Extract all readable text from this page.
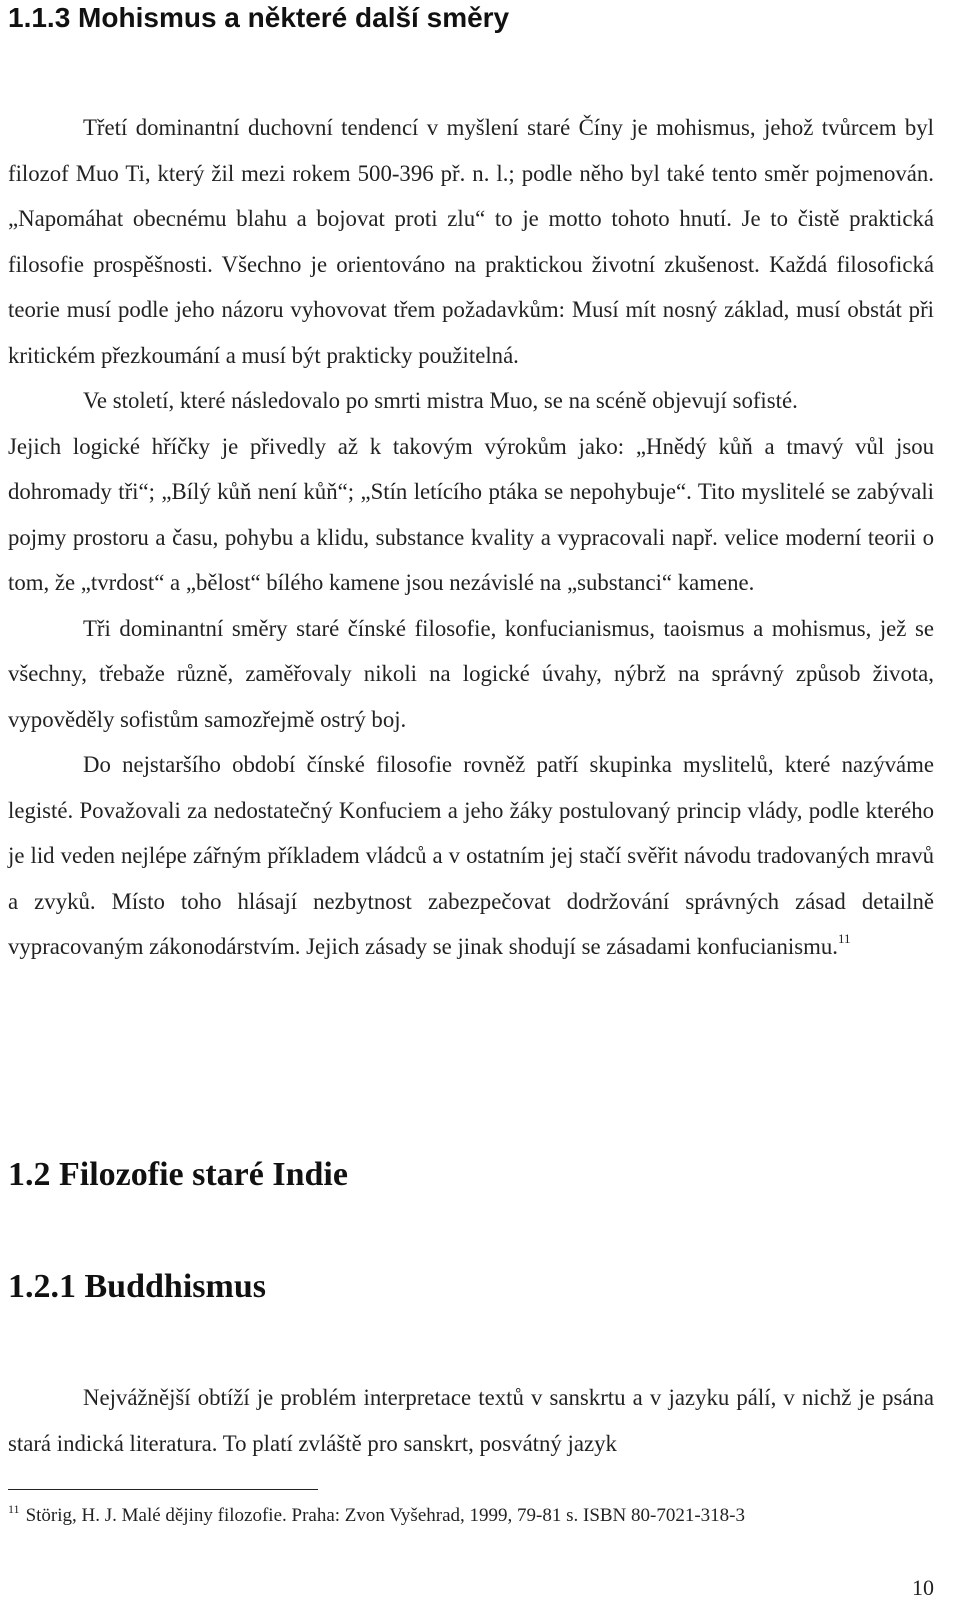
1.1.3 Mohismus a některé další směry

Třetí dominantní duchovní tendencí v myšlení staré Číny je mohismus, jehož tvůrcem byl filozof Muo Ti, který žil mezi rokem 500-396 př. n. l.; podle něho byl také tento směr pojmenován. „Napomáhat obecnému blahu a bojovat proti zlu“ to je motto tohoto hnutí. Je to čistě praktická filosofie prospěšnosti. Všechno je orientováno na praktickou životní zkušenost. Každá filosofická teorie musí podle jeho názoru vyhovovat třem požadavkům: Musí mít nosný základ, musí obstát při kritickém přezkoumání a musí být prakticky použitelná.

Ve století, které následovalo po smrti mistra Muo, se na scéně objevují sofisté.

Jejich logické hříčky je přivedly až k takovým výrokům jako: „Hnědý kůň a tmavý vůl jsou dohromady tři“; „Bílý kůň není kůň“; „Stín letícího ptáka se nepohybuje“. Tito myslitelé se zabývali pojmy prostoru a času, pohybu a klidu, substance kvality a vypracovali např. velice moderní teorii o tom, že „tvrdost“ a „bělost“ bílého kamene jsou nezávislé na „substanci“ kamene.

Tři dominantní směry staré čínské filosofie, konfucianismus, taoismus a mohismus, jež se všechny, třebaže různě, zaměřovaly nikoli na logické úvahy, nýbrž na správný způsob života, vypověděly sofistům samozřejmě ostrý boj.

Do nejstaršího období čínské filosofie rovněž patří skupinka myslitelů, které nazýváme legisté. Považovali za nedostatečný Konfuciem a jeho žáky postulovaný princip vlády, podle kterého je lid veden nejlépe zářným příkladem vládců a v ostatním jej stačí svěřit návodu tradovaných mravů a zvyků. Místo toho hlásají nezbytnost zabezpečovat dodržování správných zásad detailně vypracovaným zákonodárstvím. Jejich zásady se jinak shodují se zásadami konfucianismu.$^{11}$

1.2 Filozofie staré Indie
1.2.1 Buddhismus

Nejvážnější obtíží je problém interpretace textů v sanskrtu a v jazyku pálí, v nichž je psána stará indická literatura. To platí zvláště pro sanskrt, posvátný jazyk

$^{11}$ Störig, H. J. Malé dějiny filozofie. Praha: Zvon Vyšehrad, 1999, 79-81 s. ISBN 80-7021-318-3
10
